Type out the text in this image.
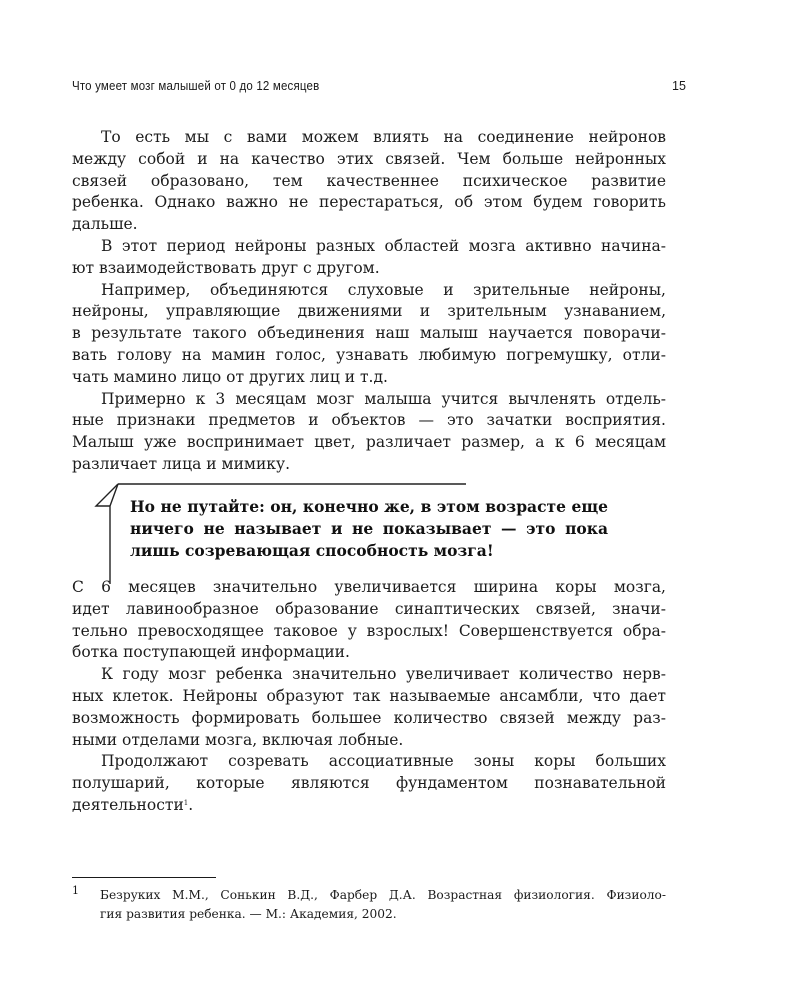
Что умеет мозг малышей от 0 до 12 месяцев	15
То есть мы с вами можем влиять на соединение нейронов
между собой и на качество этих связей. Чем больше нейронных
связей образовано, тем качественнее психическое развитие
ребенка. Однако важно не перестараться, об этом будем говорить
дальше.
В этот период нейроны разных областей мозга активно начина-
ют взаимодействовать друг с другом.
Например, объединяются слуховые и зрительные нейроны,
нейроны, управляющие движениями и зрительным узнаванием,
в результате такого объединения наш малыш научается поворачи-
вать голову на мамин голос, узнавать любимую погремушку, отли-
чать мамино лицо от других лиц и т.д.
Примерно к 3 месяцам мозг малыша учится вычленять отдель-
ные признаки предметов и объектов — это зачатки восприятия.
Малыш уже воспринимает цвет, различает размер, а к 6 месяцам
различает лица и мимику.
Но не путайте: он, конечно же, в этом возрасте еще
ничего не называет и не показывает — это пока
лишь созревающая способность мозга!
С 6 месяцев значительно увеличивается ширина коры мозга,
идет лавинообразное образование синаптических связей, значи-
тельно превосходящее таковое у взрослых! Совершенствуется обра-
ботка поступающей информации.
К году мозг ребенка значительно увеличивает количество нерв-
ных клеток. Нейроны образуют так называемые ансамбли, что дает
возможность формировать большее количество связей между раз-
ными отделами мозга, включая лобные.
Продолжают созревать ассоциативные зоны коры больших
полушарий, которые являются фундаментом познавательной
деятельности$^1$.
1 Безруких М.М., Сонькин В.Д., Фарбер Д.А. Возрастная физиология. Физиоло-
гия развития ребенка. — М.: Академия, 2002.
